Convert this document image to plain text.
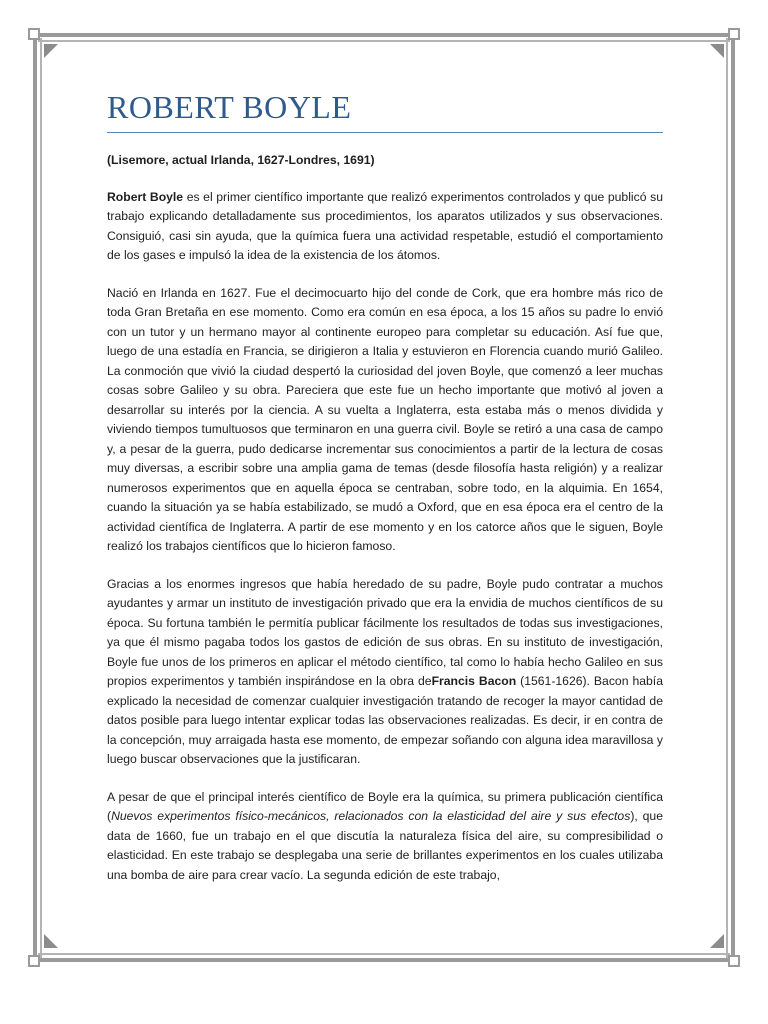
ROBERT BOYLE

(Lisemore, actual Irlanda, 1627-Londres, 1691)

Robert Boyle es el primer científico importante que realizó experimentos controlados y que publicó su trabajo explicando detalladamente sus procedimientos, los aparatos utilizados y sus observaciones. Consiguió, casi sin ayuda, que la química fuera una actividad respetable, estudió el comportamiento de los gases e impulsó la idea de la existencia de los átomos.

Nació en Irlanda en 1627. Fue el decimocuarto hijo del conde de Cork, que era hombre más rico de toda Gran Bretaña en ese momento. Como era común en esa época, a los 15 años su padre lo envió con un tutor y un hermano mayor al continente europeo para completar su educación. Así fue que, luego de una estadía en Francia, se dirigieron a Italia y estuvieron en Florencia cuando murió Galileo. La conmoción que vivió la ciudad despertó la curiosidad del joven Boyle, que comenzó a leer muchas cosas sobre Galileo y su obra. Pareciera que este fue un hecho importante que motivó al joven a desarrollar su interés por la ciencia. A su vuelta a Inglaterra, esta estaba más o menos dividida y viviendo tiempos tumultuosos que terminaron en una guerra civil. Boyle se retiró a una casa de campo y, a pesar de la guerra, pudo dedicarse incrementar sus conocimientos a partir de la lectura de cosas muy diversas, a escribir sobre una amplia gama de temas (desde filosofía hasta religión) y a realizar numerosos experimentos que en aquella época se centraban, sobre todo, en la alquimia. En 1654, cuando la situación ya se había estabilizado, se mudó a Oxford, que en esa época era el centro de la actividad científica de Inglaterra. A partir de ese momento y en los catorce años que le siguen, Boyle realizó los trabajos científicos que lo hicieron famoso.

Gracias a los enormes ingresos que había heredado de su padre, Boyle pudo contratar a muchos ayudantes y armar un instituto de investigación privado que era la envidia de muchos científicos de su época. Su fortuna también le permitía publicar fácilmente los resultados de todas sus investigaciones, ya que él mismo pagaba todos los gastos de edición de sus obras. En su instituto de investigación, Boyle fue unos de los primeros en aplicar el método científico, tal como lo había hecho Galileo en sus propios experimentos y también inspirándose en la obra deFrancis Bacon (1561-1626). Bacon había explicado la necesidad de comenzar cualquier investigación tratando de recoger la mayor cantidad de datos posible para luego intentar explicar todas las observaciones realizadas. Es decir, ir en contra de la concepción, muy arraigada hasta ese momento, de empezar soñando con alguna idea maravillosa y luego buscar observaciones que la justificaran.

A pesar de que el principal interés científico de Boyle era la química, su primera publicación científica (Nuevos experimentos físico-mecánicos, relacionados con la elasticidad del aire y sus efectos), que data de 1660, fue un trabajo en el que discutía la naturaleza física del aire, su compresibilidad o elasticidad. En este trabajo se desplegaba una serie de brillantes experimentos en los cuales utilizaba una bomba de aire para crear vacío. La segunda edición de este trabajo,
